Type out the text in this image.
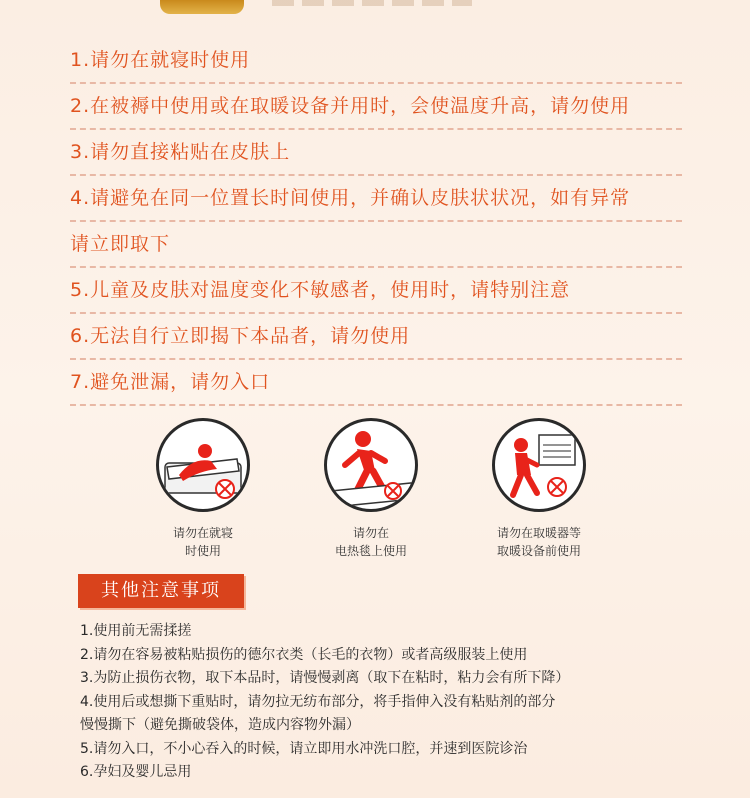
1.请勿在就寝时使用
2.在被褥中使用或在取暖设备并用时，会使温度升高，请勿使用
3.请勿直接粘贴在皮肤上
4.请避免在同一位置长时间使用，并确认皮肤状状况，如有异常
请立即取下
5.儿童及皮肤对温度变化不敏感者，使用时，请特别注意
6.无法自行立即揭下本品者，请勿使用
7.避免泄漏，请勿入口
请勿在就寝
时使用
请勿在
电热毯上使用
请勿在取暖器等
取暖设备前使用
其他注意事项
1.使用前无需揉搓
2.请勿在容易被粘贴损伤的德尔衣类（长毛的衣物）或者高级服装上使用
3.为防止损伤衣物，取下本品时，请慢慢剥离（取下在粘时，粘力会有所下降）
4.使用后或想撕下重贴时，请勿拉无纺布部分，将手指伸入没有粘贴剂的部分
慢慢撕下（避免撕破袋体，造成内容物外漏）
5.请勿入口，不小心吞入的时候，请立即用水冲洗口腔，并速到医院诊治
6.孕妇及婴儿忌用
